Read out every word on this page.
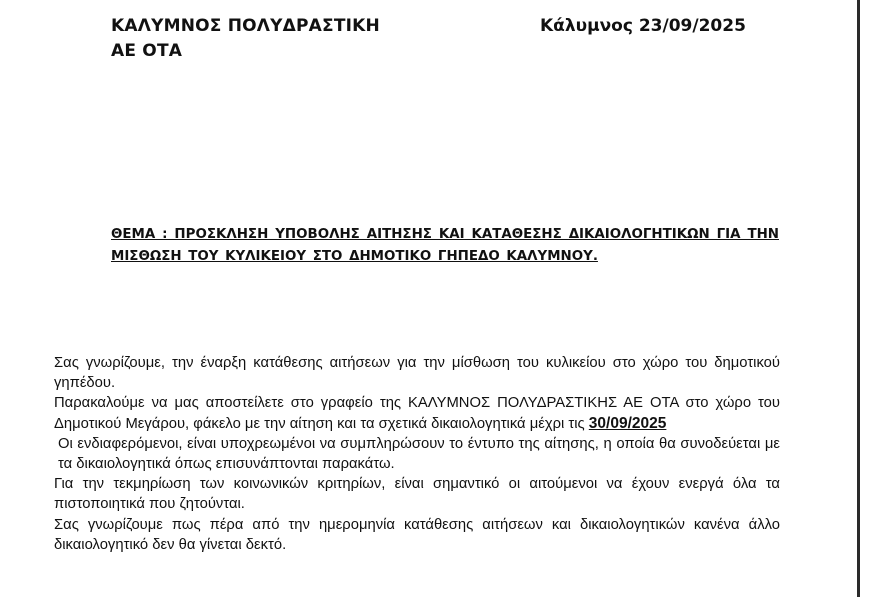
ΚΑΛΥΜΝΟΣ ΠΟΛΥΔΡΑΣΤΙΚΗ
ΑΕ ΟΤΑ
Κάλυμνος 23/09/2025
ΘΕΜΑ : ΠΡΟΣΚΛΗΣΗ ΥΠΟΒΟΛΗΣ ΑΙΤΗΣΗΣ ΚΑΙ ΚΑΤΑΘΕΣΗΣ ΔΙΚΑΙΟΛΟΓΗΤΙΚΩΝ ΓΙΑ ΤΗΝ ΜΙΣΘΩΣΗ ΤΟΥ ΚΥΛΙΚΕΙΟΥ ΣΤΟ ΔΗΜΟΤΙΚΟ ΓΗΠΕΔΟ ΚΑΛΥΜΝΟΥ.

Σας γνωρίζουμε, την έναρξη κατάθεσης αιτήσεων για την μίσθωση του κυλικείου στο χώρο του δημοτικού γηπέδου.

Παρακαλούμε να μας αποστείλετε στο γραφείο της ΚΑΛΥΜΝΟΣ ΠΟΛΥΔΡΑΣΤΙΚΗΣ ΑΕ ΟΤΑ στο χώρο του Δημοτικού Μεγάρου, φάκελο με την αίτηση και τα σχετικά δικαιολογητικά μέχρι τις 30/09/2025

Οι ενδιαφερόμενοι, είναι υποχρεωμένοι να συμπληρώσουν το έντυπο της αίτησης, η οποία θα συνοδεύεται με τα δικαιολογητικά όπως επισυνάπτονται παρακάτω.

Για την τεκμηρίωση των κοινωνικών κριτηρίων, είναι σημαντικό οι αιτούμενοι να έχουν ενεργά όλα τα πιστοποιητικά που ζητούνται.

Σας γνωρίζουμε πως πέρα από την ημερομηνία κατάθεσης αιτήσεων και δικαιολογητικών κανένα άλλο δικαιολογητικό δεν θα γίνεται δεκτό.
